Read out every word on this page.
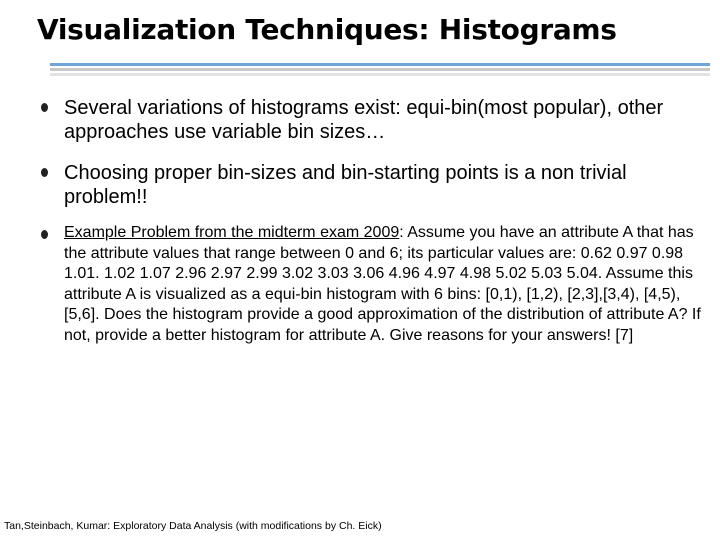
Visualization Techniques: Histograms
Several variations of histograms exist: equi-bin(most popular), other approaches use variable bin sizes…
Choosing proper bin-sizes and bin-starting points is a non trivial problem!!
Example Problem from the midterm exam 2009: Assume you have an attribute A that has the attribute values that range between 0 and 6; its particular values are: 0.62 0.97 0.98 1.01. 1.02 1.07 2.96 2.97 2.99 3.02 3.03 3.06 4.96 4.97 4.98 5.02 5.03 5.04. Assume this attribute A is visualized as a equi-bin histogram with 6 bins: [0,1), [1,2), [2,3],[3,4), [4,5), [5,6]. Does the histogram provide a good approximation of the distribution of attribute A? If not, provide a better histogram for attribute A. Give reasons for your answers! [7]
Tan,Steinbach, Kumar: Exploratory Data Analysis (with modifications by Ch. Eick)
